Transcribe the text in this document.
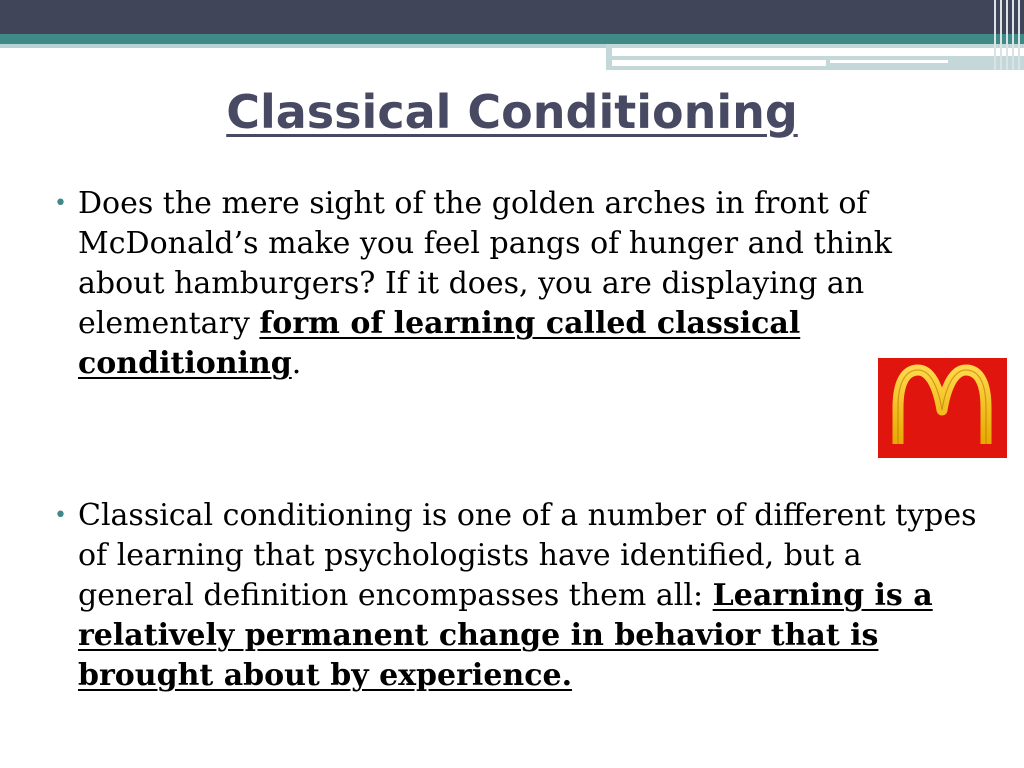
Classical Conditioning

• Does the mere sight of the golden arches in front of McDonald’s make you feel pangs of hunger and think about hamburgers? If it does, you are displaying an elementary form of learning called classical conditioning.

• Classical conditioning is one of a number of different types of learning that psychologists have identified, but a general definition encompasses them all: Learning is a relatively permanent change in behavior that is brought about by experience.
